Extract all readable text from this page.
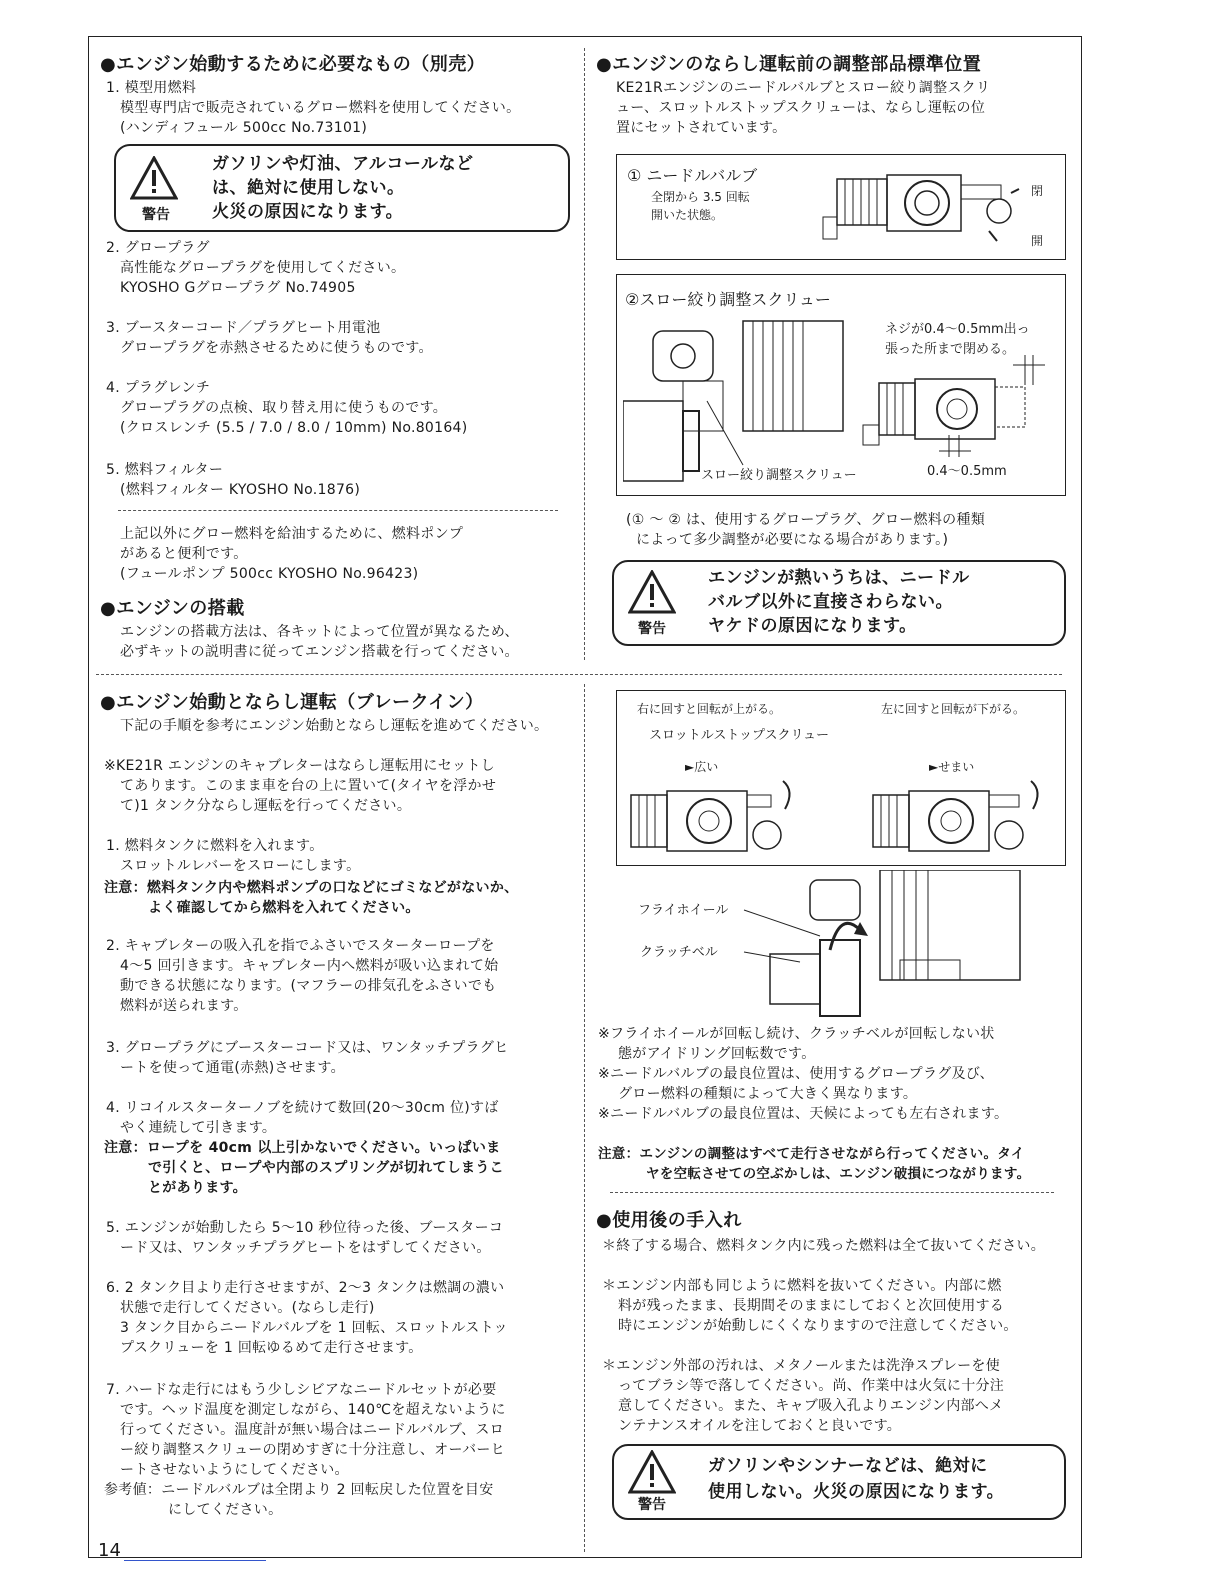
●エンジン始動するために必要なもの（別売）
1. 模型用燃料
模型専門店で販売されているグロー燃料を使用してください。
(ハンディフュール 500cc No.73101)
警告
ガソリンや灯油、アルコールなど
は、絶対に使用しない。
火災の原因になります。
2. グロープラグ
高性能なグロープラグを使用してください。
KYOSHO Gグロープラグ No.74905
3. ブースターコード／プラグヒート用電池
グロープラグを赤熱させるために使うものです。
4. プラグレンチ
グロープラグの点検、取り替え用に使うものです。
(クロスレンチ (5.5 / 7.0 / 8.0 / 10mm) No.80164)
5. 燃料フィルター
(燃料フィルター KYOSHO No.1876)
上記以外にグロー燃料を給油するために、燃料ポンプ
があると便利です。
(フュールポンプ 500cc KYOSHO No.96423)
●エンジンの搭載
エンジンの搭載方法は、各キットによって位置が異なるため、
必ずキットの説明書に従ってエンジン搭載を行ってください。
●エンジンのならし運転前の調整部品標準位置
KE21Rエンジンのニードルバルブとスロー絞り調整スクリ
ュー、スロットルストップスクリューは、ならし運転の位
置にセットされています。
① ニードルバルブ
全閉から 3.5 回転
開いた状態。
閉
開
②スロー絞り調整スクリュー
ネジが0.4〜0.5mm出っ
張った所まで閉める。
スロー絞り調整スクリュー	0.4〜0.5mm
(① 〜 ② は、使用するグロープラグ、グロー燃料の種類
によって多少調整が必要になる場合があります。)
警告
エンジンが熱いうちは、ニードル
バルブ以外に直接さわらない。
ヤケドの原因になります。
●エンジン始動とならし運転（ブレークイン）
下記の手順を参考にエンジン始動とならし運転を進めてください。
※KE21R エンジンのキャブレターはならし運転用にセットし
てあります。このまま車を台の上に置いて(タイヤを浮かせ
て)1 タンク分ならし運転を行ってください。
1. 燃料タンクに燃料を入れます。
スロットルレバーをスローにします。
注意：燃料タンク内や燃料ポンプの口などにゴミなどがないか、
よく確認してから燃料を入れてください。
2. キャブレターの吸入孔を指でふさいでスターターロープを
4〜5 回引きます。キャブレター内へ燃料が吸い込まれて始
動できる状態になります。(マフラーの排気孔をふさいでも
燃料が送られます。
3. グロープラグにブースターコード又は、ワンタッチプラグヒ
ートを使って通電(赤熱)させます。
4. リコイルスターターノブを続けて数回(20〜30cm 位)すば
やく連続して引きます。
注意：ロープを 40cm 以上引かないでください。いっぱいま
で引くと、ロープや内部のスプリングが切れてしまうこ
とがあります。
5. エンジンが始動したら 5〜10 秒位待った後、ブースターコ
ード又は、ワンタッチプラグヒートをはずしてください。
6. 2 タンク目より走行させますが、2〜3 タンクは燃調の濃い
状態で走行してください。(ならし走行)
3 タンク目からニードルバルブを 1 回転、スロットルストッ
プスクリューを 1 回転ゆるめて走行させます。
7. ハードな走行にはもう少しシビアなニードルセットが必要
です。ヘッド温度を測定しながら、140℃を超えないように
行ってください。温度計が無い場合はニードルバルブ、スロ
ー絞り調整スクリューの閉めすぎに十分注意し、オーバーヒ
ートさせないようにしてください。
参考値：ニードルバルブは全閉より 2 回転戻した位置を目安
にしてください。
右に回すと回転が上がる。	左に回すと回転が下がる。
スロットルストップスクリュー
►広い	►せまい
フライホイール
クラッチベル
※フライホイールが回転し続け、クラッチベルが回転しない状
態がアイドリング回転数です。
※ニードルバルブの最良位置は、使用するグロープラグ及び、
グロー燃料の種類によって大きく異なります。
※ニードルバルブの最良位置は、天候によっても左右されます。
注意：エンジンの調整はすべて走行させながら行ってください。タイ
ヤを空転させての空ぶかしは、エンジン破損につながります。
●使用後の手入れ
＊終了する場合、燃料タンク内に残った燃料は全て抜いてください。
＊エンジン内部も同じように燃料を抜いてください。内部に燃
料が残ったまま、長期間そのままにしておくと次回使用する
時にエンジンが始動しにくくなりますので注意してください。
＊エンジン外部の汚れは、メタノールまたは洗浄スプレーを使
ってブラシ等で落してください。尚、作業中は火気に十分注
意してください。また、キャブ吸入孔よりエンジン内部へメ
ンテナンスオイルを注しておくと良いです。
警告
ガソリンやシンナーなどは、絶対に
使用しない。火災の原因になります。
14
